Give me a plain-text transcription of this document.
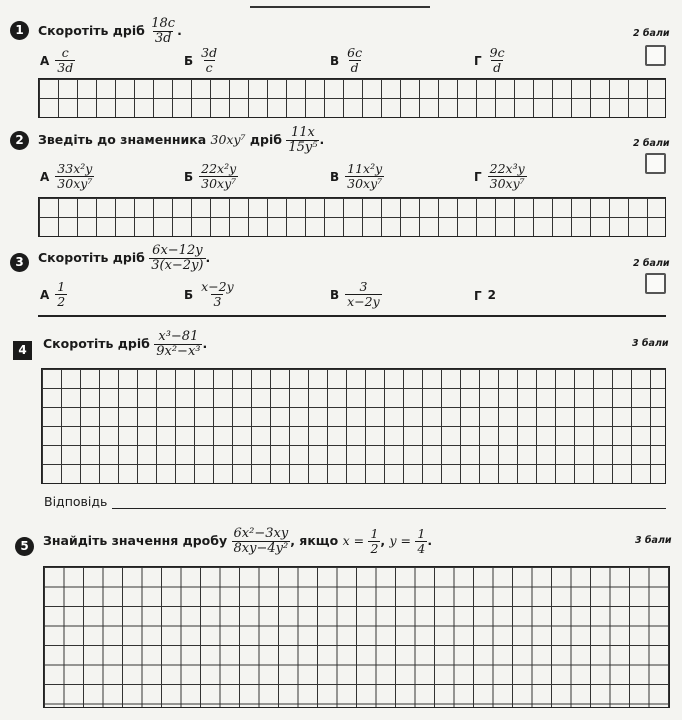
1	Скоротіть дріб $\frac{18c}{3d}$ .	2 бали
А $\frac{c}{3d}$	Б $\frac{3d}{c}$	В $\frac{6c}{d}$	Г $\frac{9c}{d}$
2	Зведіть до знаменника 30xy⁷ дріб $\frac{11x}{\text{15y⁵}}$ .	2 бали
А $\frac{\text{33x²y}}{\text{30xy⁷}}$	Б $\frac{\text{22x²y}}{\text{30xy⁷}}$	В $\frac{\text{11x²y}}{\text{30xy⁷}}$	Г $\frac{\text{22x³y}}{\text{30xy⁷}}$
3	Скоротіть дріб $\frac{6x-12y}{3(x-2y)}$ .	2 бали
А $\frac{1}{2}$	Б $\frac{x-2y}{3}$	В $\frac{3}{x-2y}$	Г 2
4	Скоротіть дріб $\frac{\text{x³−81}}{\text{9x²−x³}}$ .	3 бали
Відповідь
5	Знайдіть значення дробу $\frac{\text{6x²−3xy}}{\text{8xy−4y²}}$ , якщо $x = \frac{1}{2}$ , $y = \frac{1}{4}$ .	3 бали
